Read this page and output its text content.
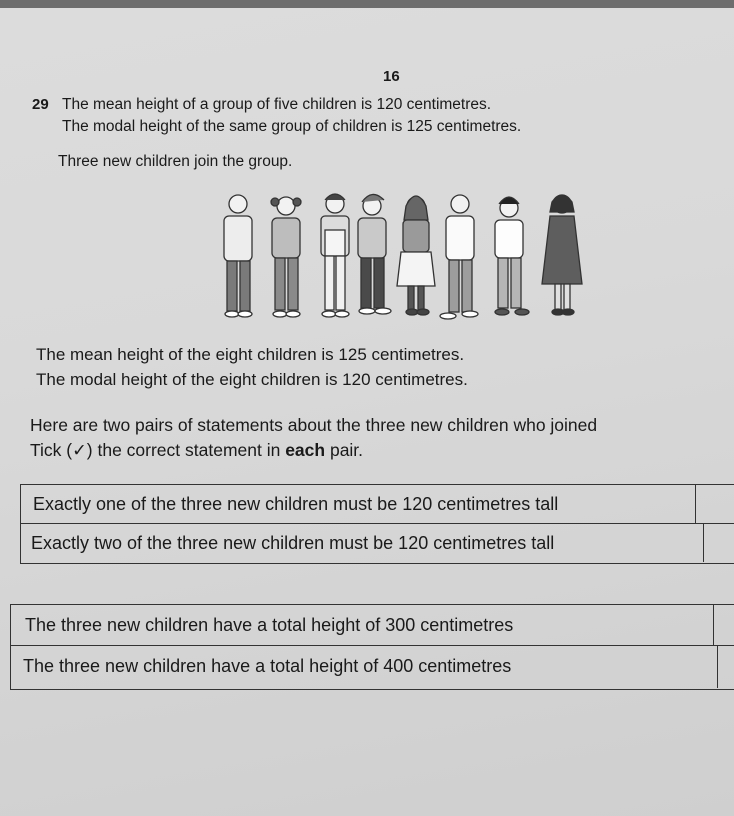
16
29 The mean height of a group of five children is 120 centimetres.
The modal height of the same group of children is 125 centimetres.
Three new children join the group.
The mean height of the eight children is 125 centimetres.
The modal height of the eight children is 120 centimetres.
Here are two pairs of statements about the three new children who joined
Tick (✓) the correct statement in each pair.
Exactly one of the three new children must be 120 centimetres tall
Exactly two of the three new children must be 120 centimetres tall
The three new children have a total height of 300 centimetres
The three new children have a total height of 400 centimetres
